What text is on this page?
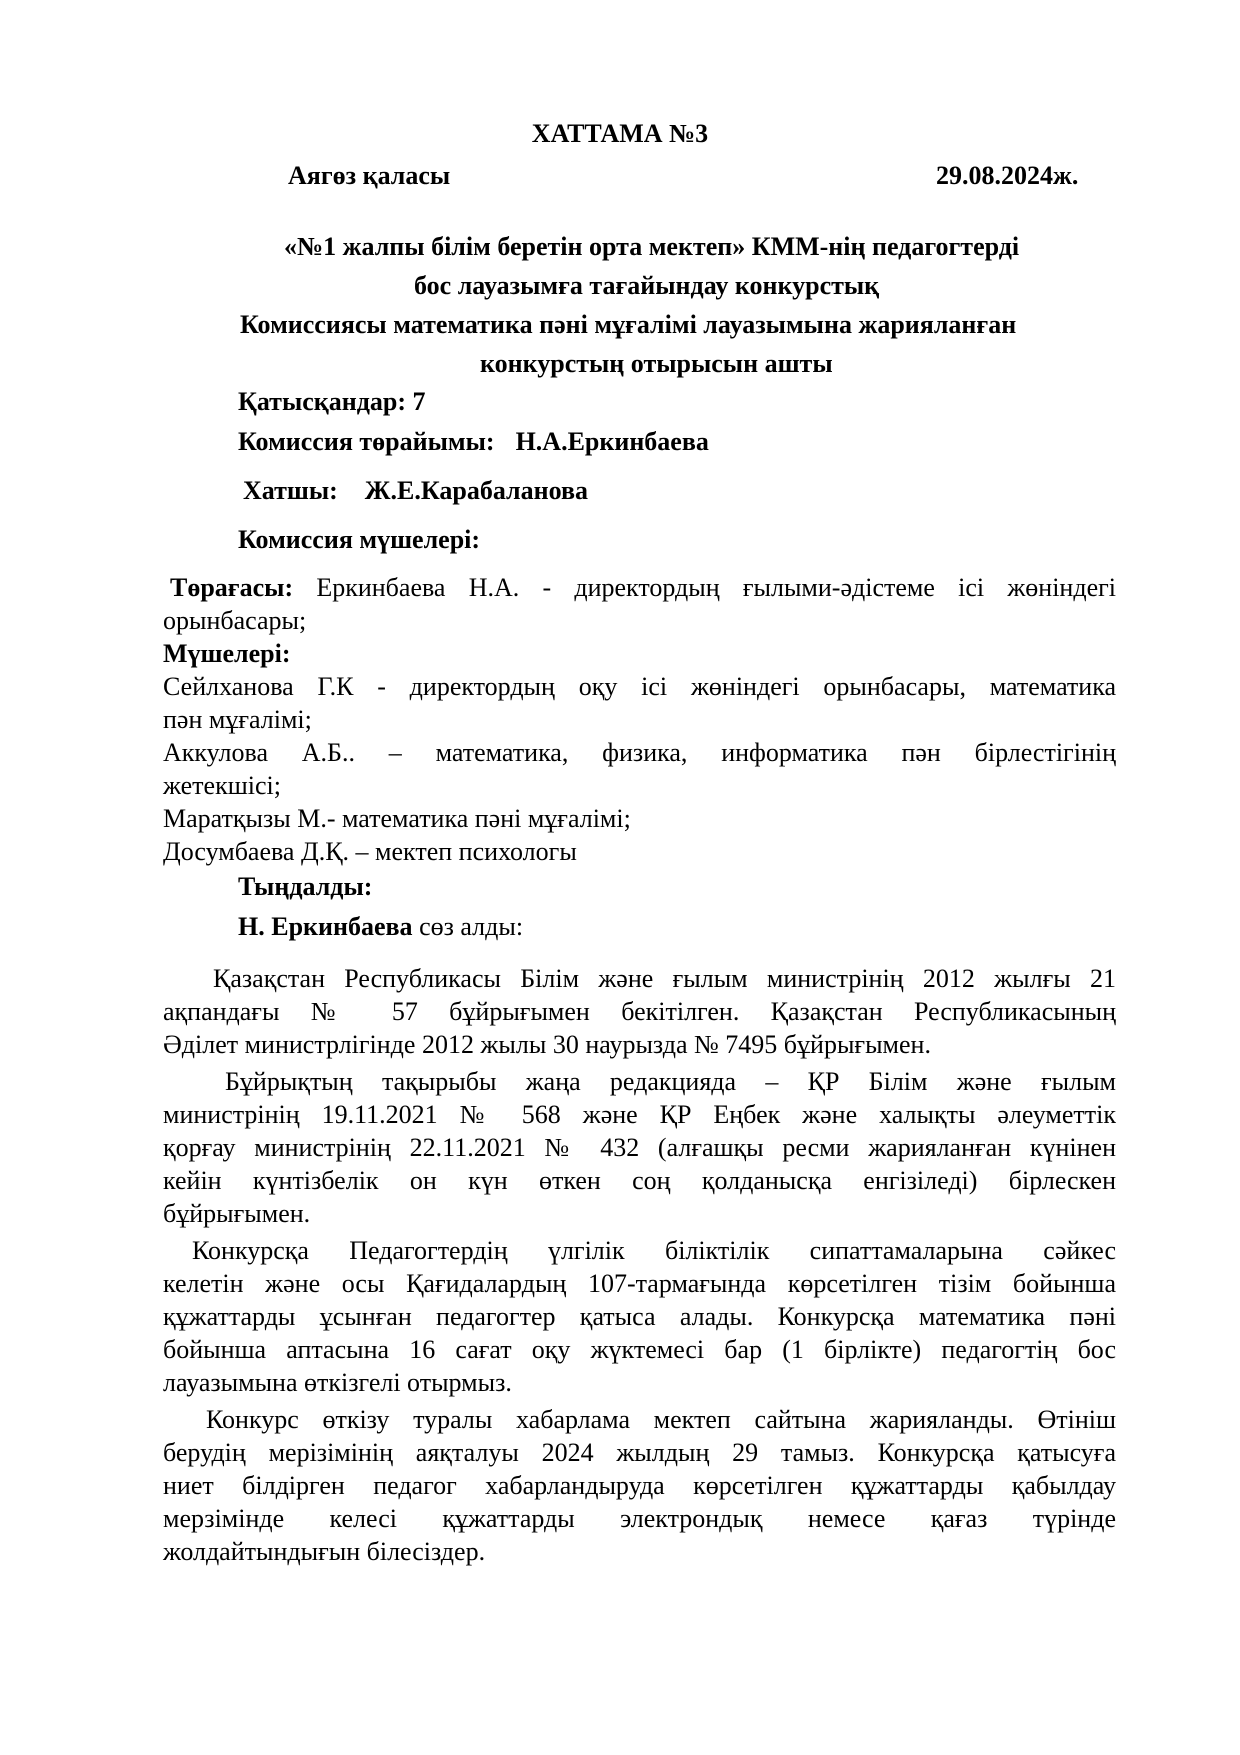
ХАТТАМА №3
Аягөз қаласы	29.08.2024ж.
«№1 жалпы білім беретін орта мектеп» КММ-нің педагогтерді
бос лауазымға тағайындау конкурстық
Комиссиясы математика пәні мұғалімі лауазымына жарияланған
конкурстың отырысын ашты
Қатысқандар: 7
Комиссия төрайымы: Н.А.Еркинбаева
Хатшы: Ж.Е.Карабаланова
Комиссия мүшелері:
Төрағасы: Еркинбаева Н.А. - директордың ғылыми-әдістеме ісі жөніндегі
орынбасары;
Мүшелері:
Сейлханова Г.К - директордың оқу ісі жөніндегі орынбасары, математика
пән мұғалімі;
Аккулова А.Б.. – математика, физика, информатика пән бірлестігінің
жетекшісі;
Маратқызы М.- математика пәні мұғалімі;
Досумбаева Д.Қ. – мектеп психологы
Тыңдалды:
Н. Еркинбаева сөз алды:
Қазақстан Республикасы Білім және ғылым министрінің 2012 жылғы 21
ақпандағы № 57 бұйрығымен бекітілген. Қазақстан Республикасының
Әділет министрлігінде 2012 жылы 30 наурызда № 7495 бұйрығымен.
Бұйрықтың тақырыбы жаңа редакцияда – ҚР Білім және ғылым
министрінің 19.11.2021 № 568 және ҚР Еңбек және халықты әлеуметтік
қорғау министрінің 22.11.2021 № 432 (алғашқы ресми жарияланған күнінен
кейін күнтізбелік он күн өткен соң қолданысқа енгізіледі) бірлескен
бұйрығымен.
Конкурсқа Педагогтердің үлгілік біліктілік сипаттамаларына сәйкес
келетін және осы Қағидалардың 107-тармағында көрсетілген тізім бойынша
құжаттарды ұсынған педагогтер қатыса алады. Конкурсқа математика пәні
бойынша аптасына 16 сағат оқу жүктемесі бар (1 бірлікте) педагогтің бос
лауазымына өткізгелі отырмыз.
Конкурс өткізу туралы хабарлама мектеп сайтына жарияланды. Өтініш
берудің мерізімінің аяқталуы 2024 жылдың 29 тамыз. Конкурсқа қатысуға
ниет білдірген педагог хабарландыруда көрсетілген құжаттарды қабылдау
мерзімінде келесі құжаттарды электрондық немесе қағаз түрінде
жолдайтындығын білесіздер.
